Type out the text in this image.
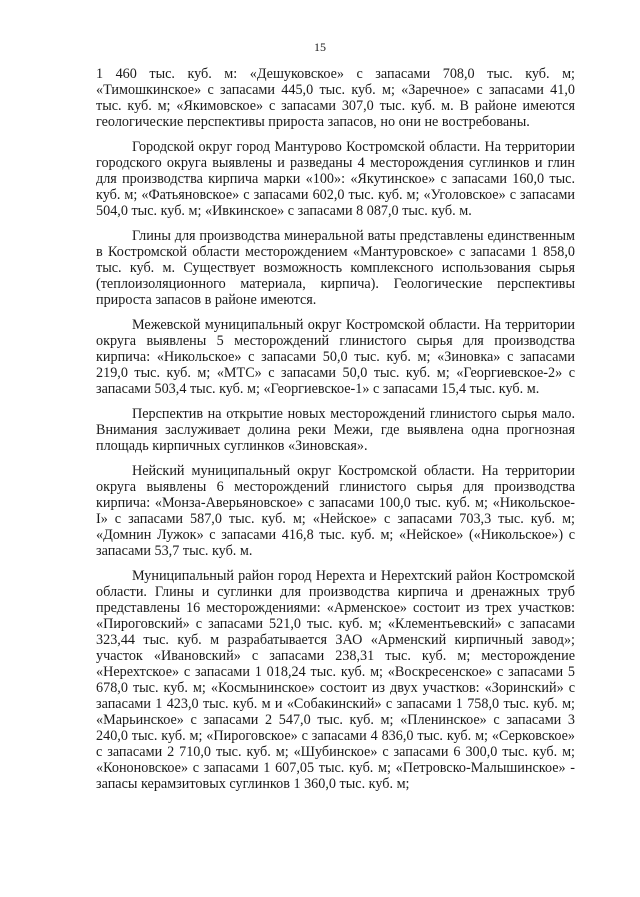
15

1 460 тыс. куб. м: «Дешуковское» с запасами 708,0 тыс. куб. м; «Тимошкинское» с запасами 445,0 тыс. куб. м; «Заречное» с запасами 41,0 тыс. куб. м; «Якимовское» с запасами 307,0 тыс. куб. м. В районе имеются геологические перспективы прироста запасов, но они не востребованы.

Городской округ город Мантурово Костромской области. На территории городского округа выявлены и разведаны 4 месторождения суглинков и глин для производства кирпича марки «100»: «Якутинское» с запасами 160,0 тыс. куб. м; «Фатьяновское» с запасами 602,0 тыс. куб. м; «Уголовское» с запасами 504,0 тыс. куб. м; «Ивкинское» с запасами 8 087,0 тыс. куб. м.

Глины для производства минеральной ваты представлены единственным в Костромской области месторождением «Мантуровское» с запасами 1 858,0 тыс. куб. м. Существует возможность комплексного использования сырья (теплоизоляционного материала, кирпича). Геологические перспективы прироста запасов в районе имеются.

Межевской муниципальный округ Костромской области. На территории округа выявлены 5 месторождений глинистого сырья для производства кирпича: «Никольское» с запасами 50,0 тыс. куб. м; «Зиновка» с запасами 219,0 тыс. куб. м; «МТС» с запасами 50,0 тыс. куб. м; «Георгиевское-2» с запасами 503,4 тыс. куб. м; «Георгиевское-1» с запасами 15,4 тыс. куб. м.

Перспектив на открытие новых месторождений глинистого сырья мало. Внимания заслуживает долина реки Межи, где выявлена одна прогнозная площадь кирпичных суглинков «Зиновская».

Нейский муниципальный округ Костромской области. На территории округа выявлены 6 месторождений глинистого сырья для производства кирпича: «Монза-Аверьяновское» с запасами 100,0 тыс. куб. м; «Никольское-I» с запасами 587,0 тыс. куб. м; «Нейское» с запасами 703,3 тыс. куб. м; «Домнин Лужок» с запасами 416,8 тыс. куб. м; «Нейское» («Никольское») с запасами 53,7 тыс. куб. м.

Муниципальный район город Нерехта и Нерехтский район Костромской области. Глины и суглинки для производства кирпича и дренажных труб представлены 16 месторождениями: «Арменское» состоит из трех участков: «Пироговский» с запасами 521,0 тыс. куб. м; «Клементьевский» с запасами 323,44 тыс. куб. м разрабатывается ЗАО «Арменский кирпичный завод»; участок «Ивановский» с запасами 238,31 тыс. куб. м; месторождение «Нерехтское» с запасами 1 018,24 тыс. куб. м; «Воскресенское» с запасами 5 678,0 тыс. куб. м; «Космынинское» состоит из двух участков: «Зоринский» с запасами 1 423,0 тыс. куб. м и «Собакинский» с запасами 1 758,0 тыс. куб. м; «Марьинское» с запасами 2 547,0 тыс. куб. м; «Пленинское» с запасами 3 240,0 тыс. куб. м; «Пироговское» с запасами 4 836,0 тыс. куб. м; «Серковское» с запасами 2 710,0 тыс. куб. м; «Шубинское» с запасами 6 300,0 тыс. куб. м; «Кононовское» с запасами 1 607,05 тыс. куб. м; «Петровско-Малышинское» - запасы керамзитовых суглинков 1 360,0 тыс. куб. м;
